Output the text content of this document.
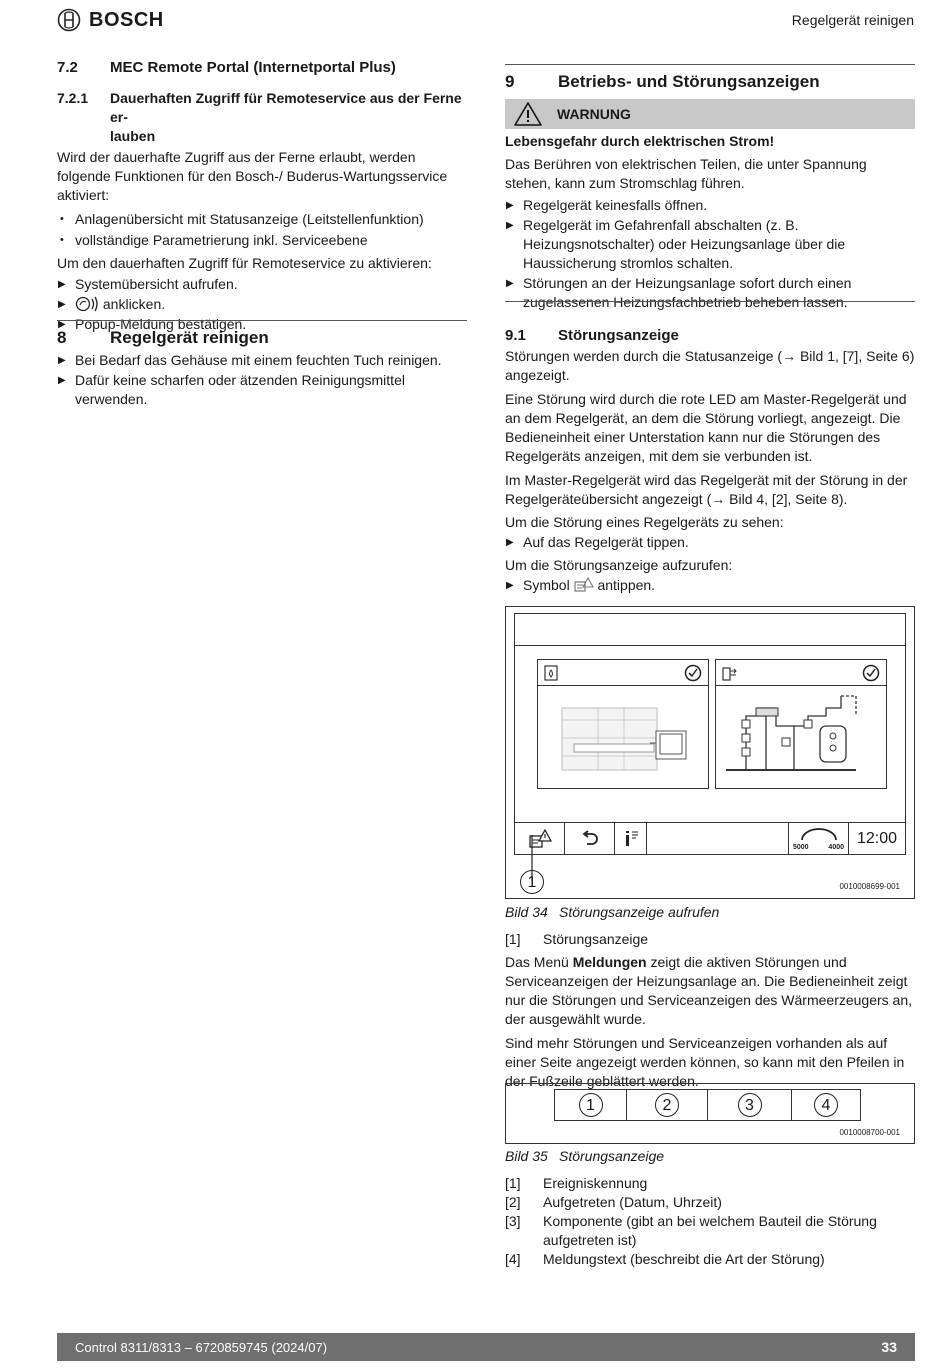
BOSCH	Regelgerät reinigen
7.2	MEC Remote Portal (Internetportal Plus)
7.2.1	Dauerhaften Zugriff für Remoteservice aus der Ferne er-
lauben

Wird der dauerhafte Zugriff aus der Ferne erlaubt, werden folgende Funktionen für den Bosch-/ Buderus-Wartungsservice aktiviert:

• Anlagenübersicht mit Statusanzeige (Leitstellenfunktion)
• vollständige Parametrierung inkl. Serviceebene

Um den dauerhaften Zugriff für Remoteservice zu aktivieren:

▶ Systemübersicht aufrufen.
▶ anklicken.
▶ Popup-Meldung bestätigen.
8	Regelgerät reinigen
▶ Bei Bedarf das Gehäuse mit einem feuchten Tuch reinigen.
▶ Dafür keine scharfen oder ätzenden Reinigungsmittel verwenden.
9	Betriebs- und Störungsanzeigen
WARNUNG

Lebensgefahr durch elektrischen Strom!

Das Berühren von elektrischen Teilen, die unter Spannung stehen, kann zum Stromschlag führen.

▶ Regelgerät keinesfalls öffnen.
▶ Regelgerät im Gefahrenfall abschalten (z. B. Heizungsnotschalter) oder Heizungsanlage über die Haussicherung stromlos schalten.
▶ Störungen an der Heizungsanlage sofort durch einen zugelassenen Heizungsfachbetrieb beheben lassen.
9.1	Störungsanzeige

Störungen werden durch die Statusanzeige (→ Bild 1, [7], Seite 6) angezeigt.

Eine Störung wird durch die rote LED am Master-Regelgerät und an dem Regelgerät, an dem die Störung vorliegt, angezeigt. Die Bedieneinheit einer Unterstation kann nur die Störungen des Regelgeräts anzeigen, mit dem sie verbunden ist.

Im Master-Regelgerät wird das Regelgerät mit der Störung in der Regelgeräteübersicht angezeigt (→ Bild 4, [2], Seite 8).

Um die Störung eines Regelgeräts zu sehen:

▶ Auf das Regelgerät tippen.

Um die Störungsanzeige aufzurufen:

▶ Symbol antippen.
5000	4000
12:00
1	0010008699-001
Bild 34 Störungsanzeige aufrufen
[1]	Störungsanzeige

Das Menü Meldungen zeigt die aktiven Störungen und Serviceanzeigen der Heizungsanlage an. Die Bedieneinheit zeigt nur die Störungen und Serviceanzeigen des Wärmeerzeugers an, der ausgewählt wurde.

Sind mehr Störungen und Serviceanzeigen vorhanden als auf einer Seite angezeigt werden können, so kann mit den Pfeilen in der Fußzeile geblättert werden.

1	2	3	4
0010008700-001
Bild 35 Störungsanzeige
[1]	Ereigniskennung
[2]	Aufgetreten (Datum, Uhrzeit)
[3]	Komponente (gibt an bei welchem Bauteil die Störung aufgetreten ist)
[4]	Meldungstext (beschreibt die Art der Störung)
Control 8311/8313 – 6720859745 (2024/07)	33
